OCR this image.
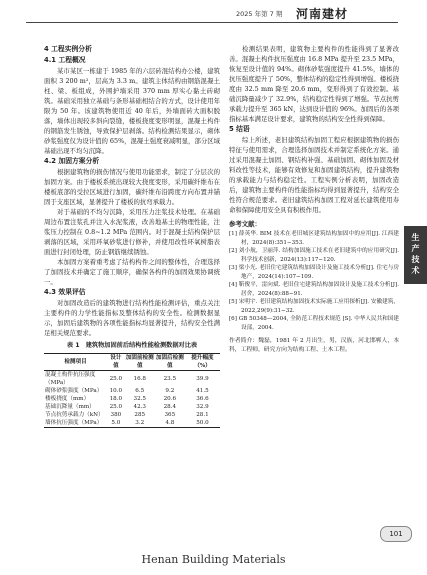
2025 年第 7 期 河南建材

4 工程实例分析

4.1 工程概况

某市某区一栋建于 1985 年的六层砖混结构办公楼，建筑面积 3 200 m²，层高为 3.3 m。建筑主体结构由钢筋混凝土柱、梁、板组成，外围护墙采用 370 mm 厚实心黏土砖砌筑。基础采用独立基础与条形基础相结合的方式，设计使用年限为 50 年。该建筑物使用近 40 年后，外墙面砖大面积脱落，墙体出现较多斜向裂缝，楼板挠度变形明显，混凝土构件的钢筋发生锈蚀，导致保护层剥落。结构检测结果显示，砌体砂浆强度仅为设计值的 65%，混凝土强度衰减明显，部分区域基础出现不均匀沉降。

4.2 加固方案分析

根据建筑物的损伤情况与使用功能需求，制定了分层次的加固方案。由于楼板系统出现较大挠度变形，采用碳纤维布在楼板底部的受拉区域进行加固，碳纤维布沿跨度方向布置并锚固于支座区域，显著提升了楼板的抗弯承载力。

对于基础的不均匀沉降，采用压力注浆技术处理。在基础周边布置注浆孔并注入水泥浆液，改善地基土的物理性能，注浆压力控制在 0.8~1.2 MPa 范围内。对于混凝土结构保护层剥落的区域，采用环氧砂浆进行修补，并使用改性环氧树脂表面进行封闭处理，防止钢筋继续锈蚀。

本加固方案着重考虑了结构构件之间的整体性，合理选择了加固技术并确定了施工顺序，确保各构件的加固效果协调统一。

4.3 效果评估

对加固改造后的建筑物进行结构性能检测评估，重点关注主要构件的力学性能指标及整体结构的安全性。检测数据显示，加固后建筑物的各项性能指标均显著提升，结构安全性满足相关规范要求。

表 1　建筑物加固前后结构性能检测数据对比表
检测项目	设计值	加固前检测值	加固后检测值	提升幅度（%）

混凝土构件抗压强度（MPa）	25.0	16.8	23.5	39.9
砌体砂浆强度（MPa）	10.0	6.5	9.2	41.5
楼板挠度（mm）	18.0	32.5	20.6	36.6
基础沉降量（mm）	25.0	42.3	28.4	32.9
节点抗剪承载力（kN）	380	285	365	28.1
墙体抗压强度（MPa）	5.0	3.2	4.8	50.0

检测结果表明，建筑物主要构件的性能得到了显著改善。混凝土构件抗压强度由 16.8 MPa 提升至 23.5 MPa，恢复至设计值的 94%。砌体砂浆强度提升 41.5%，墙体的抗压强度提升了 50%，整体结构的稳定性得到增强。楼板挠度由 32.5 mm 降至 20.6 mm，变形得到了有效控制。基础沉降量减少了 32.9%，结构稳定性得到了增强。节点抗剪承载力提升至 365 kN，达到设计值的 96%。加固后的各项指标基本满足设计要求，建筑物的结构安全性得到保障。

5 结语

综上所述，老旧建筑结构加固工程应根据建筑物的损伤特征与使用需求，合理选择加固技术并制定系统化方案。通过采用混凝土加固、钢结构补强、基础加固、砌体加固及材料改性等技术，能够有效修复和加固建筑结构，提升建筑物的承载能力与结构稳定性。工程实例分析表明，加固改造后，建筑物主要构件的性能指标均得到显著提升，结构安全性符合规范要求。老旧建筑结构加固工程对延长建筑使用寿命和保障使用安全具有积极作用。

参考文献：

[1] 薛英华. BIM 技术在老旧城区建筑结构加固中的应用[J]. 江西建材，2024(8):351−353.

[2] 刘小航，卫丽萍. 结构加固施工技术在老旧建筑中的应用研究[J]. 科学技术创新，2024(13):117−120.

[3] 梁小光. 老旧住宅建筑结构加固设计及施工技术分析[J]. 住宅与房地产，2024(14):107−109.

[4] 靳俊平，雷向斌. 老旧住宅建筑结构加固设计及施工技术分析[J]. 居舍，2024(8):88−91.

[5] 宋明宇. 老旧建筑结构加固技术实际施工应用探析[J]. 安徽建筑，2022,29(9):31−32.

[6] GB 50348—2004, 全防范工程技术规范 [S]. 中华人民共和国建设部，2004.

作者简介：魏磊，1981 年 2 月出生，男，汉族，河北邯郸人，本科，工程师，研究方向为结构工程、土木工程。
生产技术
101
Henan Building Materials
